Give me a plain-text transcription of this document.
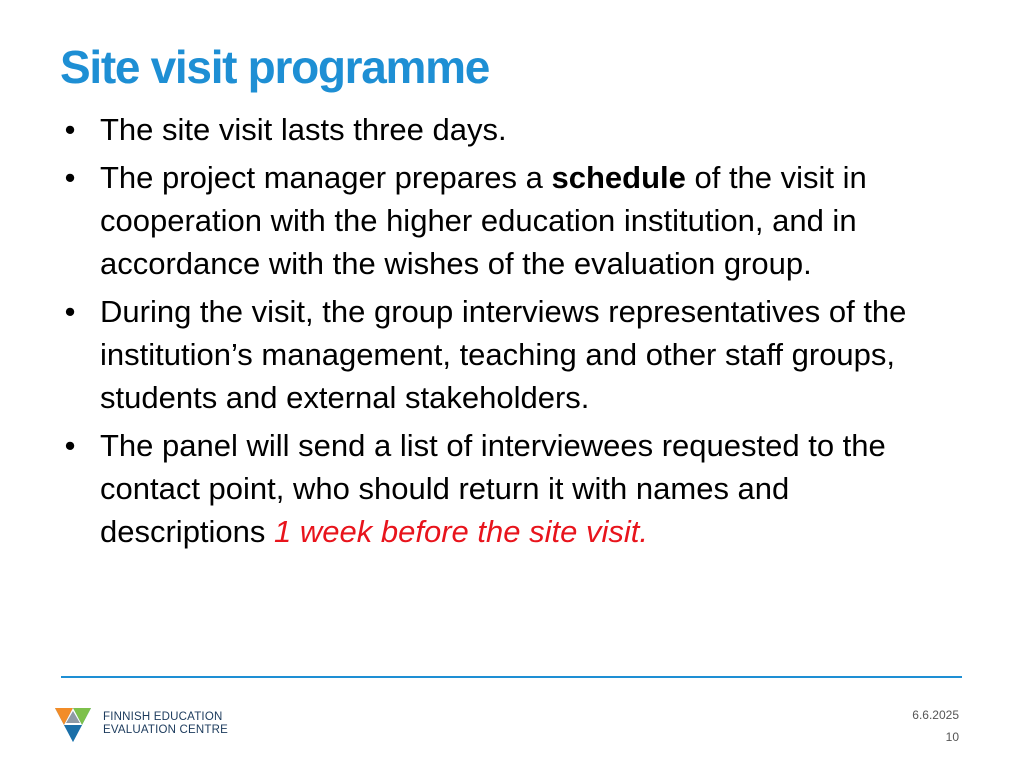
Site visit programme
• The site visit lasts three days.
• The project manager prepares a schedule of the visit in cooperation with the higher education institution, and in accordance with the wishes of the evaluation group.
• During the visit, the group interviews representatives of the institution’s management, teaching and other staff groups, students and external stakeholders.
• The panel will send a list of interviewees requested to the contact point, who should return it with names and descriptions 1 week before the site visit.
FINNISH EDUCATION
EVALUATION CENTRE
6.6.2025
10
